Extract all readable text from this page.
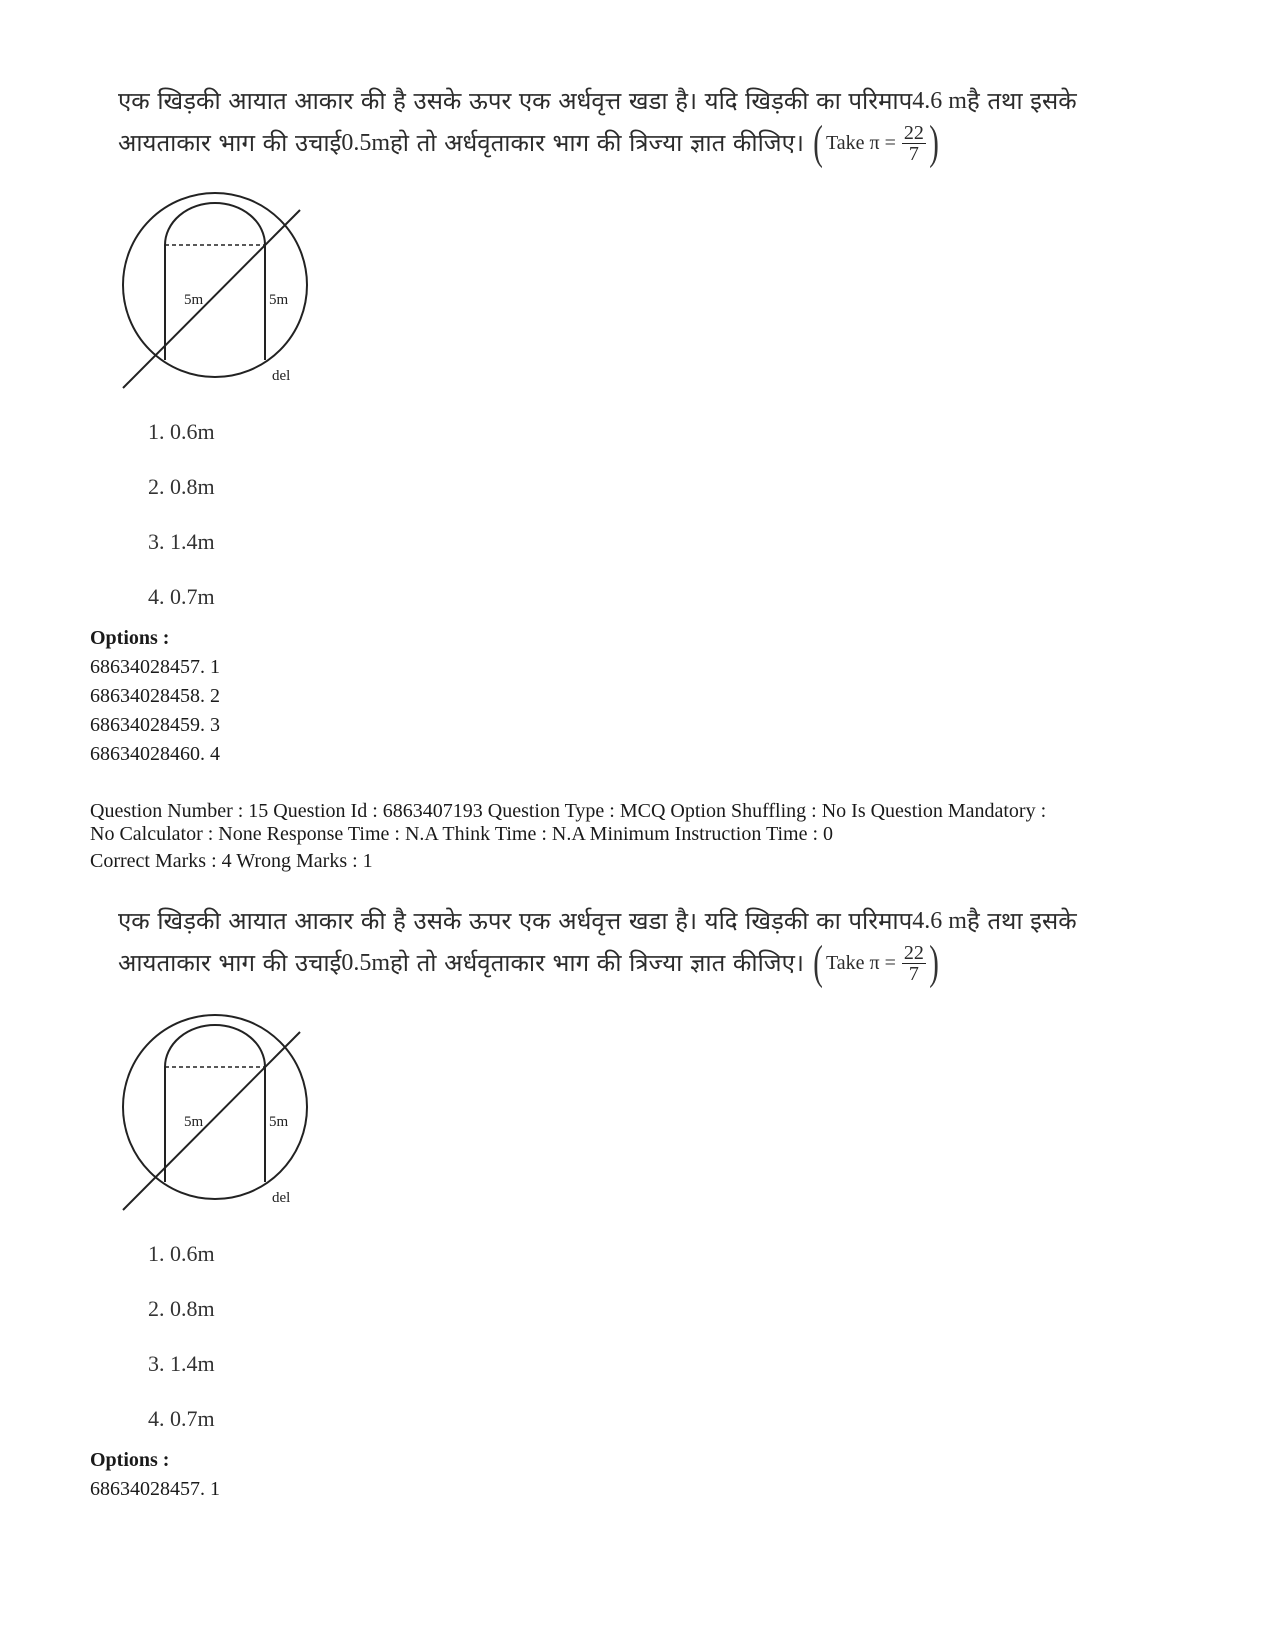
एक खिड़की आयात आकार की है उसके ऊपर एक अर्धवृत्त खडा है। यदि खिड़की का परिमाप 4.6 m है तथा इसके
आयताकार भाग की उचाई 0.5m हो तो अर्धवृताकार भाग की त्रिज्या ज्ञात कीजिए। ( Take $\pi = \frac{22}{7}$ )
5m	5m
del
1. 0.6m
2. 0.8m
3. 1.4m
4. 0.7m
Options :
68634028457. 1
68634028458. 2
68634028459. 3
68634028460. 4
Question Number : 15 Question Id : 6863407193 Question Type : MCQ Option Shuffling : No Is Question Mandatory :
No Calculator : None Response Time : N.A Think Time : N.A Minimum Instruction Time : 0
Correct Marks : 4 Wrong Marks : 1
एक खिड़की आयात आकार की है उसके ऊपर एक अर्धवृत्त खडा है। यदि खिड़की का परिमाप 4.6 m है तथा इसके
आयताकार भाग की उचाई 0.5m हो तो अर्धवृताकार भाग की त्रिज्या ज्ञात कीजिए। ( Take $\pi = \frac{22}{7}$ )
5m	5m
del
1. 0.6m
2. 0.8m
3. 1.4m
4. 0.7m
Options :
68634028457. 1
